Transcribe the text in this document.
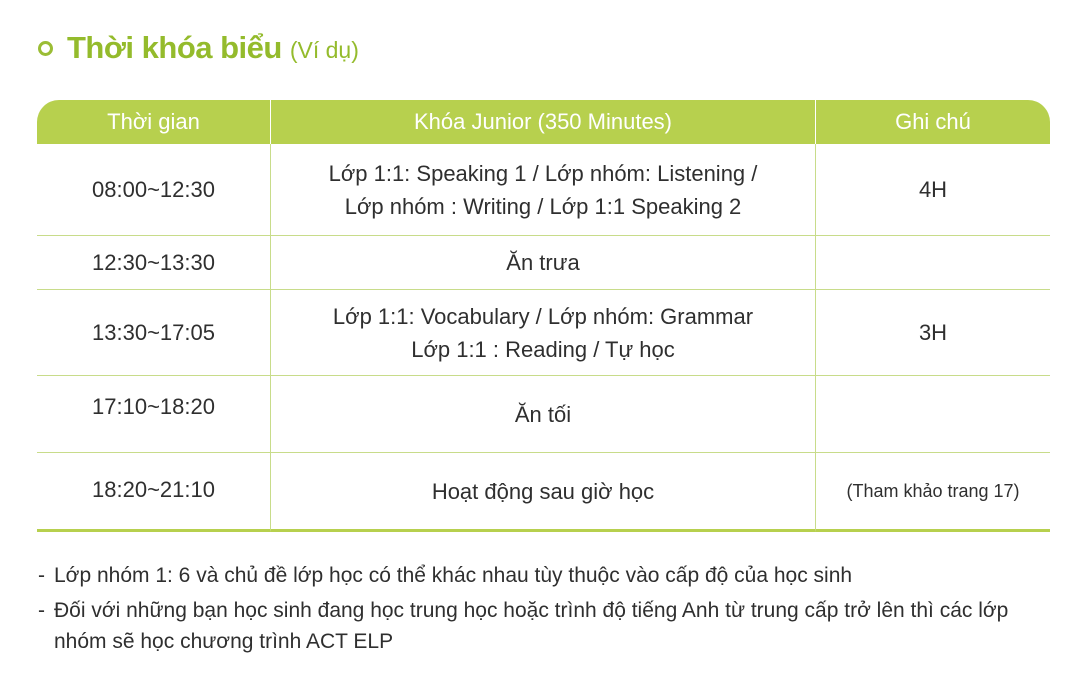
Thời khóa biểu (Ví dụ)
Thời gian	Khóa Junior (350 Minutes)	Ghi chú
08:00~12:30	Lớp 1:1: Speaking 1 / Lớp nhóm: Listening /
Lớp nhóm : Writing / Lớp 1:1 Speaking 2	4H
12:30~13:30	Ăn trưa	

13:30~17:05	Lớp 1:1: Vocabulary / Lớp nhóm: Grammar
Lớp 1:1 : Reading / Tự học	3H
17:10~18:20	Ăn tối	

18:20~21:10	Hoạt động sau giờ học	(Tham khảo trang 17)
- Lớp nhóm 1: 6 và chủ đề lớp học có thể khác nhau tùy thuộc vào cấp độ của học sinh
- Đối với những bạn học sinh đang học trung học hoặc trình độ tiếng Anh từ trung cấp trở lên thì các lớp nhóm sẽ học chương trình ACT ELP
